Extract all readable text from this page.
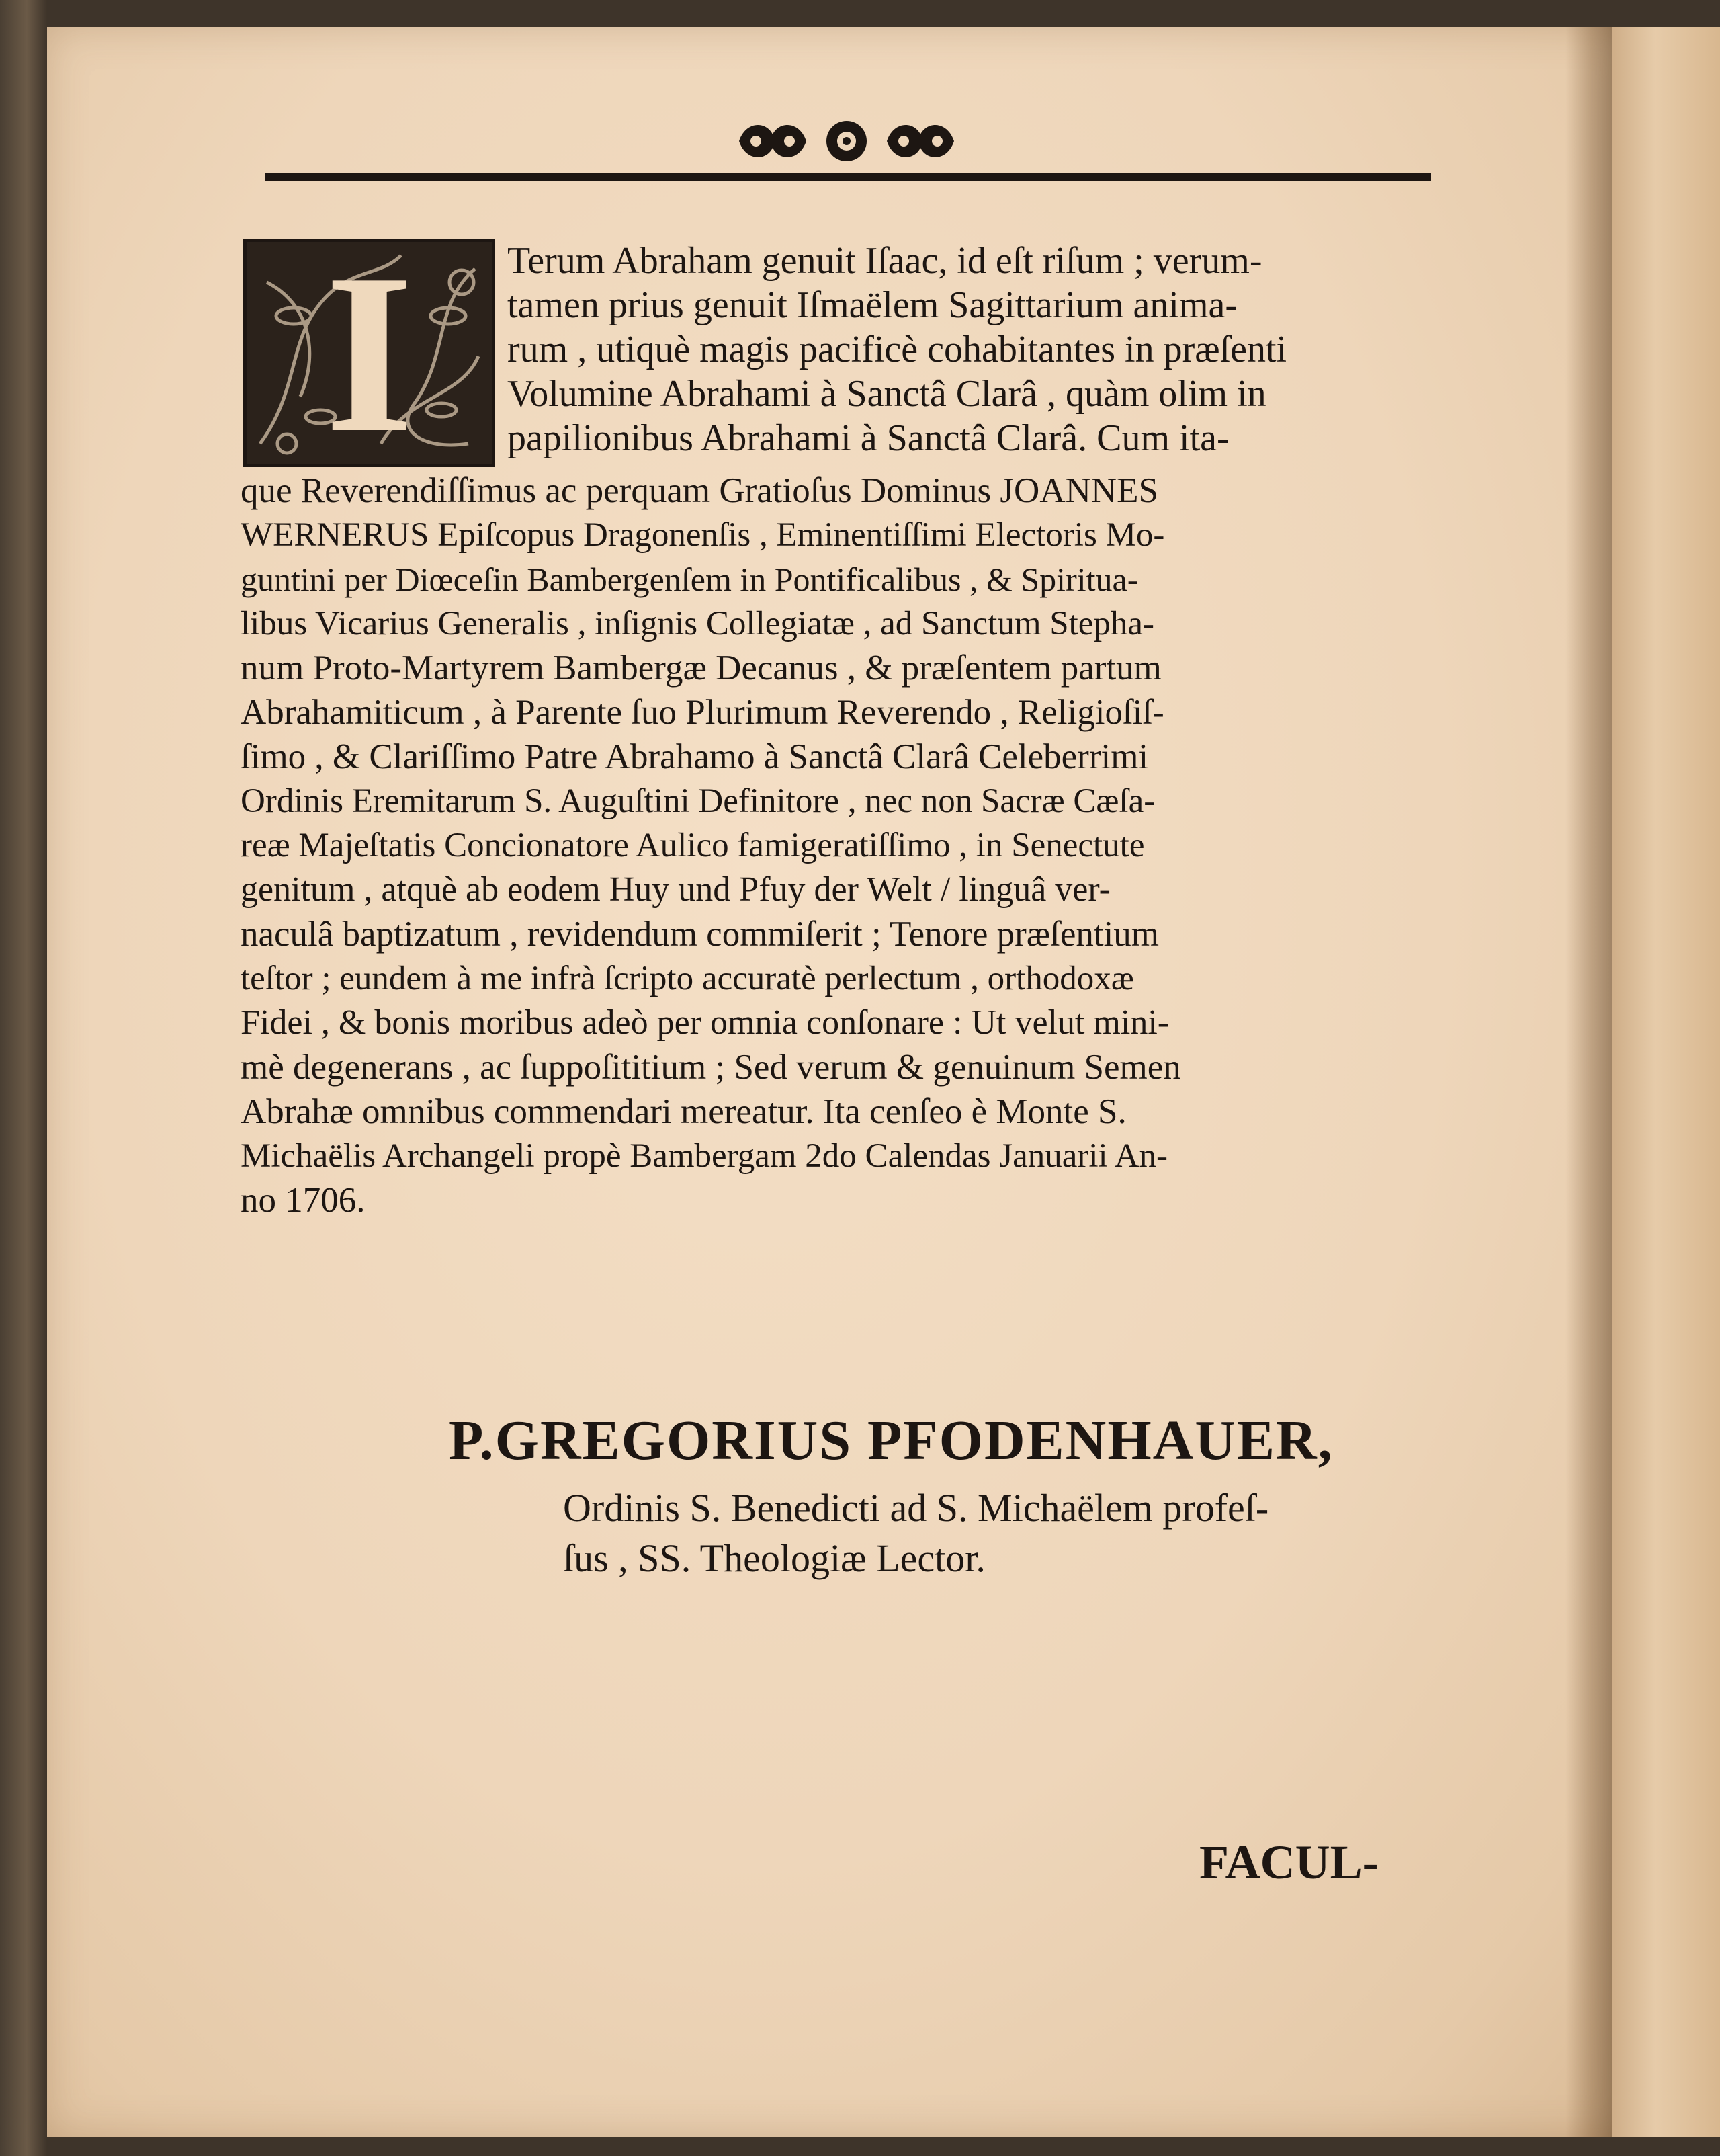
I	Terum Abraham genuit Iſaac, id eſt riſum ; verum-
tamen prius genuit Iſmaëlem Sagittarium anima-
rum , utiquè magis pacificè cohabitantes in præſenti
Volumine Abrahami à Sanctâ Clarâ , quàm olim in
papilionibus Abrahami à Sanctâ Clarâ. Cum ita-
que Reverendiſſimus ac perquam Gratioſus Dominus JOANNES
WERNERUS Epiſcopus Dragonenſis , Eminentiſſimi Electoris Mo-
guntini per Diœceſin Bambergenſem in Pontificalibus , & Spiritua-
libus Vicarius Generalis , inſignis Collegiatæ , ad Sanctum Stepha-
num Proto-Martyrem Bambergæ Decanus , & præſentem partum
Abrahamiticum , à Parente ſuo Plurimum Reverendo , Religioſiſ-
ſimo , & Clariſſimo Patre Abrahamo à Sanctâ Clarâ Celeberrimi
Ordinis Eremitarum S. Auguſtini Definitore , nec non Sacræ Cæſa-
reæ Majeſtatis Concionatore Aulico famigeratiſſimo , in Senectute
genitum , atquè ab eodem Huy und Pfuy der Welt / linguâ ver-
naculâ baptizatum , revidendum commiſerit ; Tenore præſentium
teſtor ; eundem à me infrà ſcripto accuratè perlectum , orthodoxæ
Fidei , & bonis moribus adeò per omnia conſonare : Ut velut mini-
mè degenerans , ac ſuppoſititium ; Sed verum & genuinum Semen
Abrahæ omnibus commendari mereatur. Ita cenſeo è Monte S.
Michaëlis Archangeli propè Bambergam 2do Calendas Januarii An-
no 1706.
P.GREGORIUS PFODENHAUER,
Ordinis S. Benedicti ad S. Michaëlem profeſ-
ſus , SS. Theologiæ Lector.
FACUL-
